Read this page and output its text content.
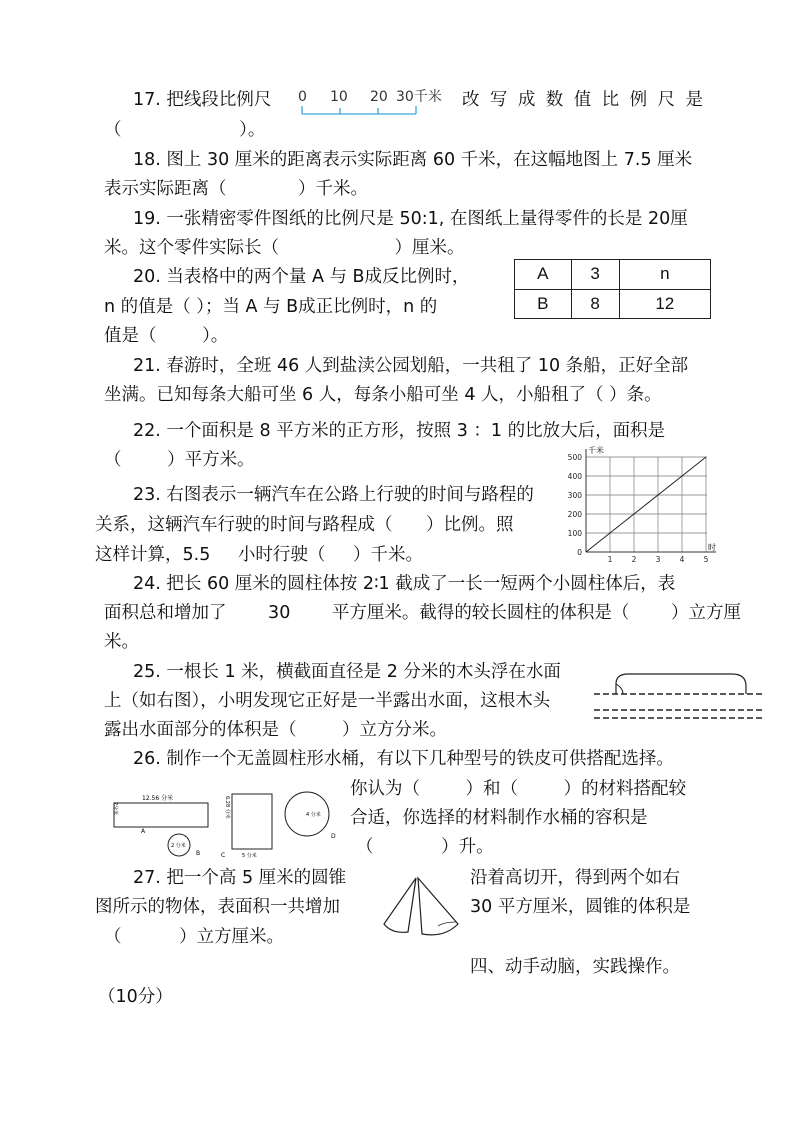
17. 把线段比例尺 0 10 20 30千米 改 写 成 数 值 比 例 尺 是
（ ）。
18. 图上 30 厘米的距离表示实际距离 60 千米，在这幅地图上 7.5 厘米
表示实际距离（ ）千米。
19. 一张精密零件图纸的比例尺是 50:1, 在图纸上量得零件的长是 20厘
米。这个零件实际长（ ）厘米。
20. 当表格中的两个量 A 与 B成反比例时，
n 的值是（ ）；当 A 与 B成正比例时，n 的
值是（ ）。
A	3	n
B	8	12
21. 春游时，全班 46 人到盐渎公园划船，一共租了 10 条船，正好全部
坐满。已知每条大船可坐 6 人，每条小船可坐 4 人，小船租了（ ）条。
22. 一个面积是 8 平方米的正方形，按照 3 ：1 的比放大后，面积是
（ ）平方米。	千米
时
500
400
300
200
100
0
1	2	3	4	5
23. 右图表示一辆汽车在公路上行驶的时间与路程的
关系，这辆汽车行驶的时间与路程成（ ）比例。照
这样计算，5.5 小时行驶（ ）千米。
24. 把长 60 厘米的圆柱体按 2∶1 截成了一长一短两个小圆柱体后，表
面积总和增加了 30 平方厘米。截得的较长圆柱的体积是（ ）立方厘
米。
25. 一根长 1 米，横截面直径是 2 分米的木头浮在水面
上（如右图），小明发现它正好是一半露出水面，这根木头
露出水面部分的体积是（ ）立方分米。
26. 制作一个无盖圆柱形水桶，有以下几种型号的铁皮可供搭配选择。
你认为（ ）和（ ）的材料搭配较
合适，你选择的材料制作水桶的容积是
（ ）升。
12.56 分米
2分米
A
2 分米
B
6.28 分米
5 分米
C
4 分米
D
27. 把一个高 5 厘米的圆锥	沿着高切开，得到两个如右
图所示的物体，表面积一共增加	30 平方厘米，圆锥的体积是
（ ）立方厘米。
四、动手动脑，实践操作。
（10分）
